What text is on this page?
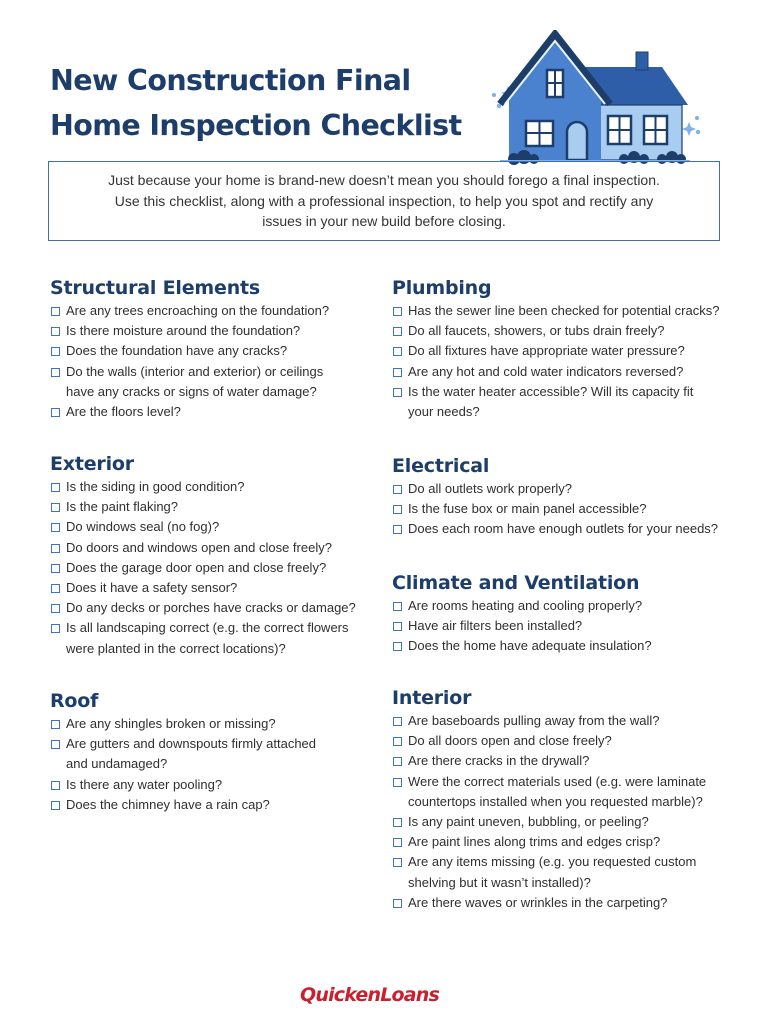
New Construction Final
Home Inspection Checklist
Just because your home is brand-new doesn’t mean you should forego a final inspection.
Use this checklist, along with a professional inspection, to help you spot and rectify any
issues in your new build before closing.
Structural Elements
Are any trees encroaching on the foundation?
Is there moisture around the foundation?
Does the foundation have any cracks?
Do the walls (interior and exterior) or ceilings have any cracks or signs of water damage?
Are the floors level?
Exterior
Is the siding in good condition?
Is the paint flaking?
Do windows seal (no fog)?
Do doors and windows open and close freely?
Does the garage door open and close freely?
Does it have a safety sensor?
Do any decks or porches have cracks or damage?
Is all landscaping correct (e.g. the correct flowers were planted in the correct locations)?
Roof
Are any shingles broken or missing?
Are gutters and downspouts firmly attached and undamaged?
Is there any water pooling?
Does the chimney have a rain cap?
Plumbing
Has the sewer line been checked for potential cracks?
Do all faucets, showers, or tubs drain freely?
Do all fixtures have appropriate water pressure?
Are any hot and cold water indicators reversed?
Is the water heater accessible? Will its capacity fit your needs?
Electrical
Do all outlets work properly?
Is the fuse box or main panel accessible?
Does each room have enough outlets for your needs?
Climate and Ventilation
Are rooms heating and cooling properly?
Have air filters been installed?
Does the home have adequate insulation?
Interior
Are baseboards pulling away from the wall?
Do all doors open and close freely?
Are there cracks in the drywall?
Were the correct materials used (e.g. were laminate countertops installed when you requested marble)?
Is any paint uneven, bubbling, or peeling?
Are paint lines along trims and edges crisp?
Are any items missing (e.g. you requested custom shelving but it wasn’t installed)?
Are there waves or wrinkles in the carpeting?
QuickenLoans
